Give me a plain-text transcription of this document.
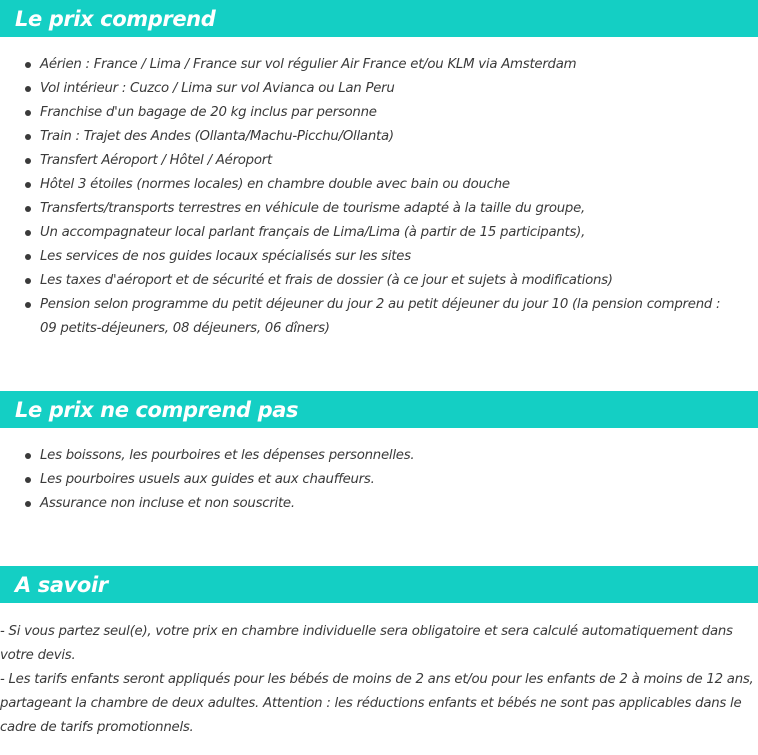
Le prix comprend
Aérien : France / Lima / France sur vol régulier Air France et/ou KLM via Amsterdam
Vol intérieur : Cuzco / Lima sur vol Avianca ou Lan Peru
Franchise d'un bagage de 20 kg inclus par personne
Train : Trajet des Andes (Ollanta/Machu-Picchu/Ollanta)
Transfert Aéroport / Hôtel / Aéroport
Hôtel 3 étoiles (normes locales) en chambre double avec bain ou douche
Transferts/transports terrestres en véhicule de tourisme adapté à la taille du groupe,
Un accompagnateur local parlant français de Lima/Lima (à partir de 15 participants),
Les services de nos guides locaux spécialisés sur les sites
Les taxes d'aéroport et de sécurité et frais de dossier (à ce jour et sujets à modifications)
Pension selon programme du petit déjeuner du jour 2 au petit déjeuner du jour 10 (la pension comprend : 09 petits-déjeuners, 08 déjeuners, 06 dîners)
Le prix ne comprend pas
Les boissons, les pourboires et les dépenses personnelles.
Les pourboires usuels aux guides et aux chauffeurs.
Assurance non incluse et non souscrite.
A savoir

- Si vous partez seul(e), votre prix en chambre individuelle sera obligatoire et sera calculé automatiquement dans votre devis.

- Les tarifs enfants seront appliqués pour les bébés de moins de 2 ans et/ou pour les enfants de 2 à moins de 12 ans, partageant la chambre de deux adultes. Attention : les réductions enfants et bébés ne sont pas applicables dans le cadre de tarifs promotionnels.
